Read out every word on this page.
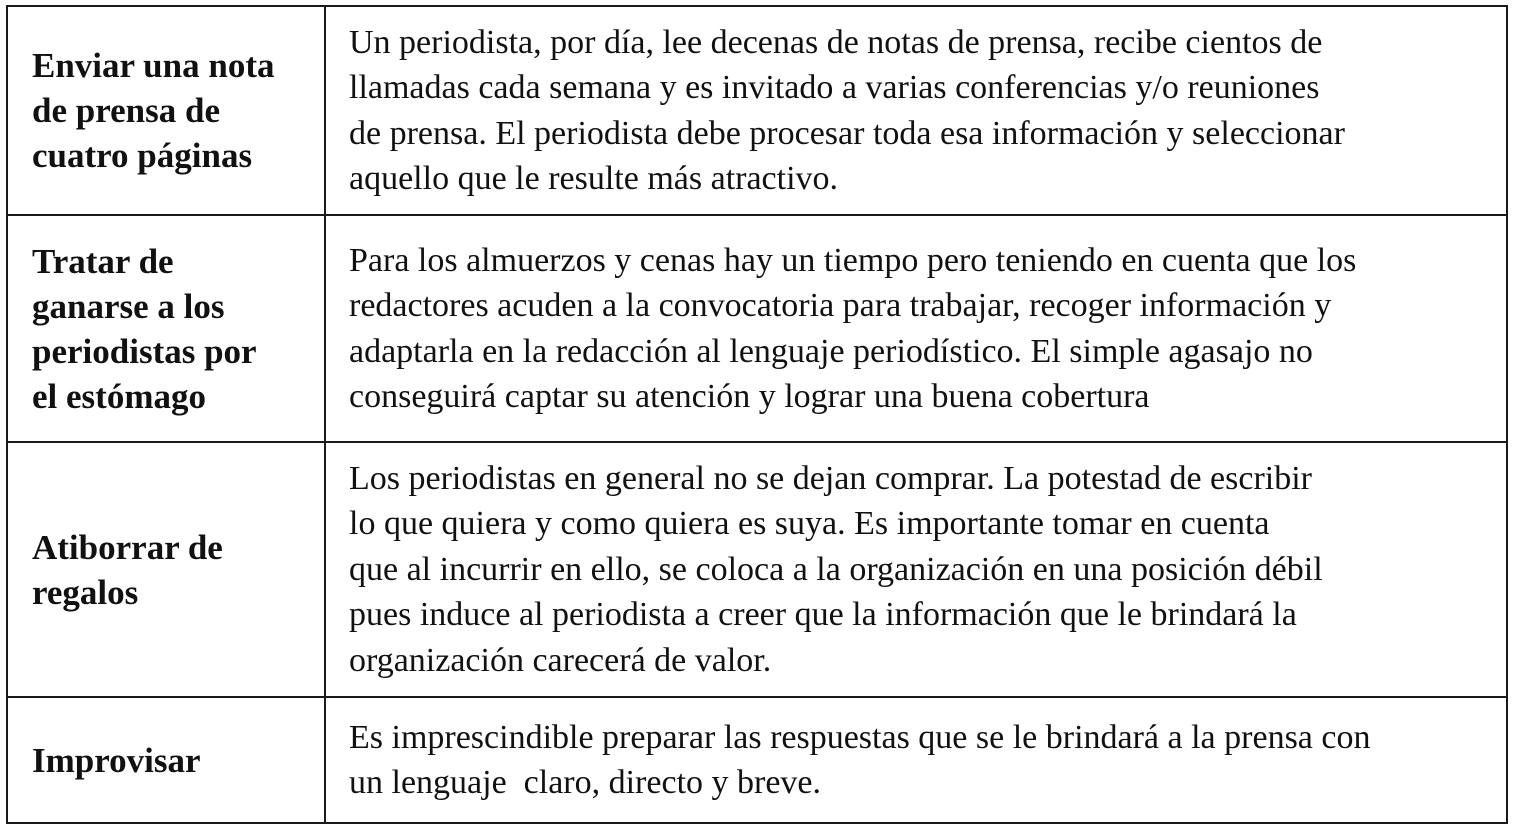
Enviar una nota
de prensa de
cuatro páginas

Un periodista, por día, lee decenas de notas de prensa, recibe cientos de
llamadas cada semana y es invitado a varias conferencias y/o reuniones
de prensa. El periodista debe procesar toda esa información y seleccionar
aquello que le resulte más atractivo.

Tratar de
ganarse a los
periodistas por
el estómago

Para los almuerzos y cenas hay un tiempo pero teniendo en cuenta que los
redactores acuden a la convocatoria para trabajar, recoger información y
adaptarla en la redacción al lenguaje periodístico. El simple agasajo no
conseguirá captar su atención y lograr una buena cobertura

Atiborrar de
regalos

Los periodistas en general no se dejan comprar. La potestad de escribir
lo que quiera y como quiera es suya. Es importante tomar en cuenta
que al incurrir en ello, se coloca a la organización en una posición débil
pues induce al periodista a creer que la información que le brindará la
organización carecerá de valor.

Improvisar

Es imprescindible preparar las respuestas que se le brindará a la prensa con
un lenguaje  claro, directo y breve.
